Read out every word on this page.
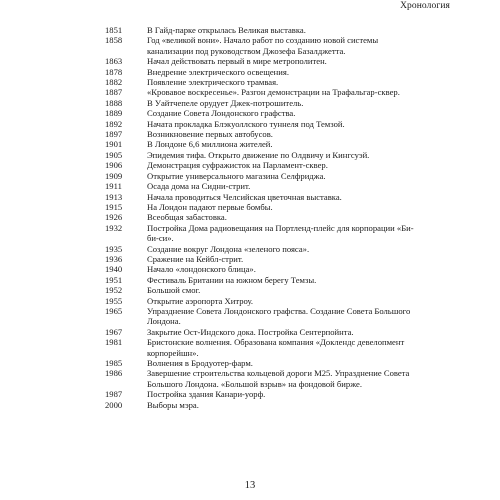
Хронология
1851	В Гайд-парке открылась Великая выставка.
1858	Год «великой вони». Начало работ по созданию новой системы канализации под руководством Джозефа Базалджетта.
1863	Начал действовать первый в мире метрополитен.
1878	Внедрение электрического освещения.
1882	Появление электрического трамвая.
1887	«Кровавое воскресенье». Разгон демонстрации на Трафальгар-сквер.
1888	В Уайтчепеле орудует Джек-потрошитель.
1889	Создание Совета Лондонского графства.
1892	Начата прокладка Блэкуоллского туннеля под Темзой.
1897	Возникновение первых автобусов.
1901	В Лондоне 6,6 миллиона жителей.
1905	Эпидемия тифа. Открыто движение по Олдвичу и Кингсуэй.
1906	Демонстрация суфражисток на Парламент-сквер.
1909	Открытие универсального магазина Селфриджа.
1911	Осада дома на Сидни-стрит.
1913	Начала проводиться Челсийская цветочная выставка.
1915	На Лондон падают первые бомбы.
1926	Всеобщая забастовка.
1932	Постройка Дома радиовещания на Портленд-плейс для корпорации «Би-би-си».
1935	Создание вокруг Лондона «зеленого пояса».
1936	Сражение на Кейбл-стрит.
1940	Начало «лондонского блица».
1951	Фестиваль Британии на южном берегу Темзы.
1952	Большой смог.
1955	Открытие аэропорта Хитроу.
1965	Упразднение Совета Лондонского графства. Создание Совета Большого Лондона.
1967	Закрытие Ост-Индского дока. Постройка Сентерпойнта.
1981	Бристонские волнения. Образована компания «Доклендс девелопмент корпорейшн».
1985	Волнения в Бродуотер-фарм.
1986	Завершение строительства кольцевой дороги M25. Упразднение Совета Большого Лондона. «Большой взрыв» на фондовой бирже.
1987	Постройка здания Канари-уорф.
2000	Выборы мэра.
13
